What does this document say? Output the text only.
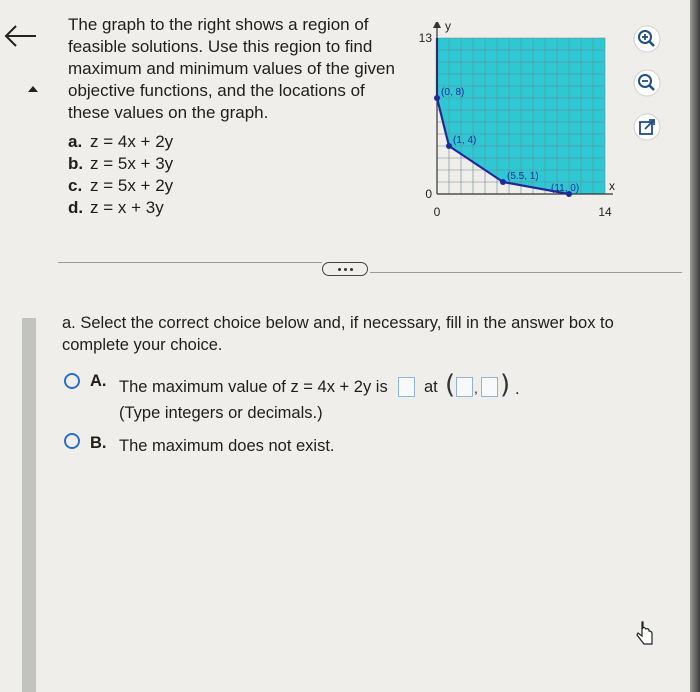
The graph to the right shows a region of
feasible solutions. Use this region to find
maximum and minimum values of the given
objective functions, and the locations of
these values on the graph.
a. z = 4x + 2y
b. z = 5x + 3y
c. z = 5x + 2y
d. z = x + 3y
y
x
13
0
0	14
(0, 8)
(1, 4)
(5.5, 1)
(11, 0)
a. Select the correct choice below and, if necessary, fill in the answer box to
complete your choice.
A. The maximum value of z = 4x + 2y is at ( , ) .
(Type integers or decimals.)
B. The maximum does not exist.
